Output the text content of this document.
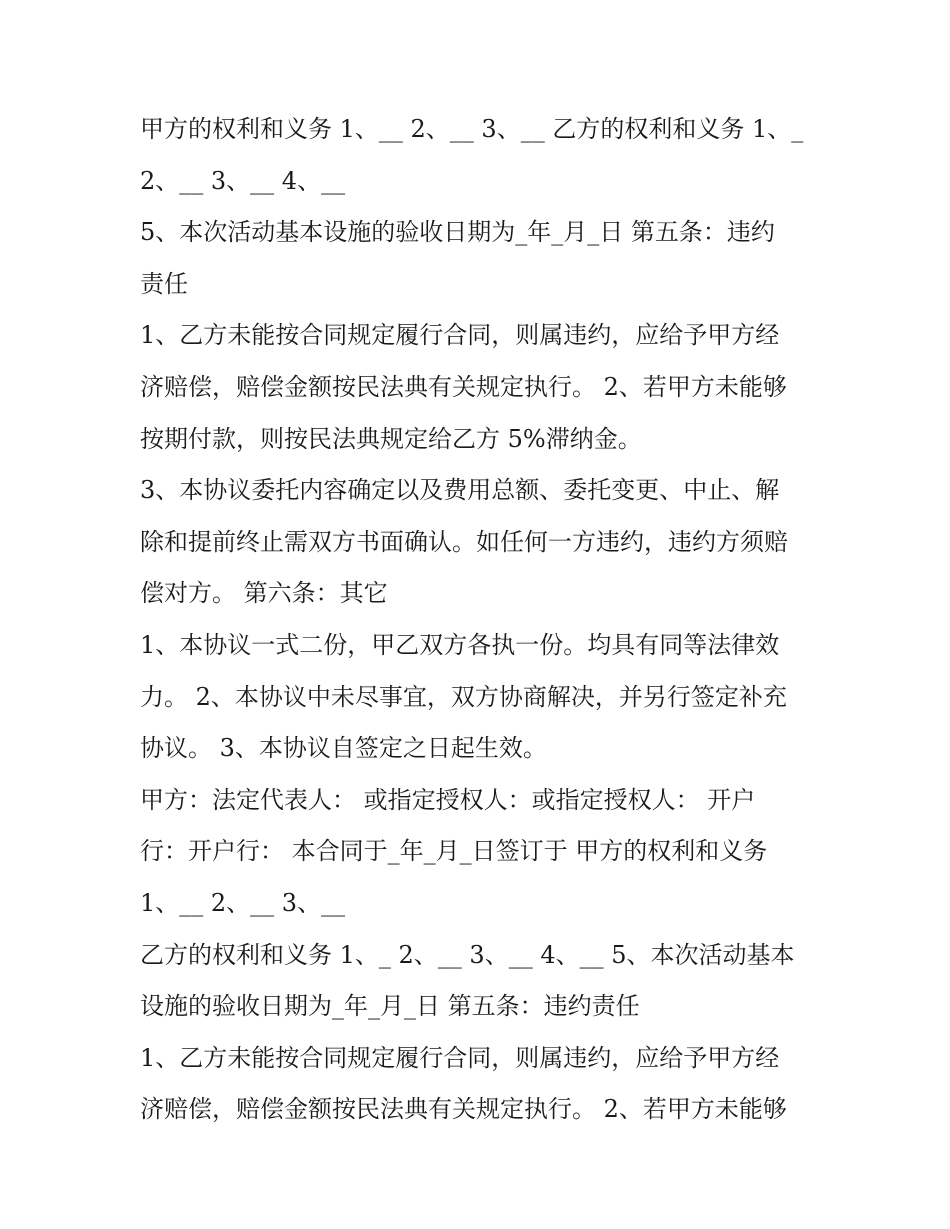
甲方的权利和义务 1、__ 2、__ 3、__ 乙方的权利和义务 1、_
2、__ 3、__ 4、__
5、本次活动基本设施的验收日期为_年_月_日 第五条：违约
责任
1、乙方未能按合同规定履行合同，则属违约，应给予甲方经
济赔偿，赔偿金额按民法典有关规定执行。 2、若甲方未能够
按期付款，则按民法典规定给乙方 5%滞纳金。
3、本协议委托内容确定以及费用总额、委托变更、中止、解
除和提前终止需双方书面确认。如任何一方违约，违约方须赔
偿对方。 第六条：其它
1、本协议一式二份，甲乙双方各执一份。均具有同等法律效
力。 2、本协议中未尽事宜，双方协商解决，并另行签定补充
协议。 3、本协议自签定之日起生效。
甲方：法定代表人： 或指定授权人：或指定授权人： 开户
行：开户行： 本合同于_年_月_日签订于 甲方的权利和义务
1、__ 2、__ 3、__
乙方的权利和义务 1、_ 2、__ 3、__ 4、__ 5、本次活动基本
设施的验收日期为_年_月_日 第五条：违约责任
1、乙方未能按合同规定履行合同，则属违约，应给予甲方经
济赔偿，赔偿金额按民法典有关规定执行。 2、若甲方未能够
